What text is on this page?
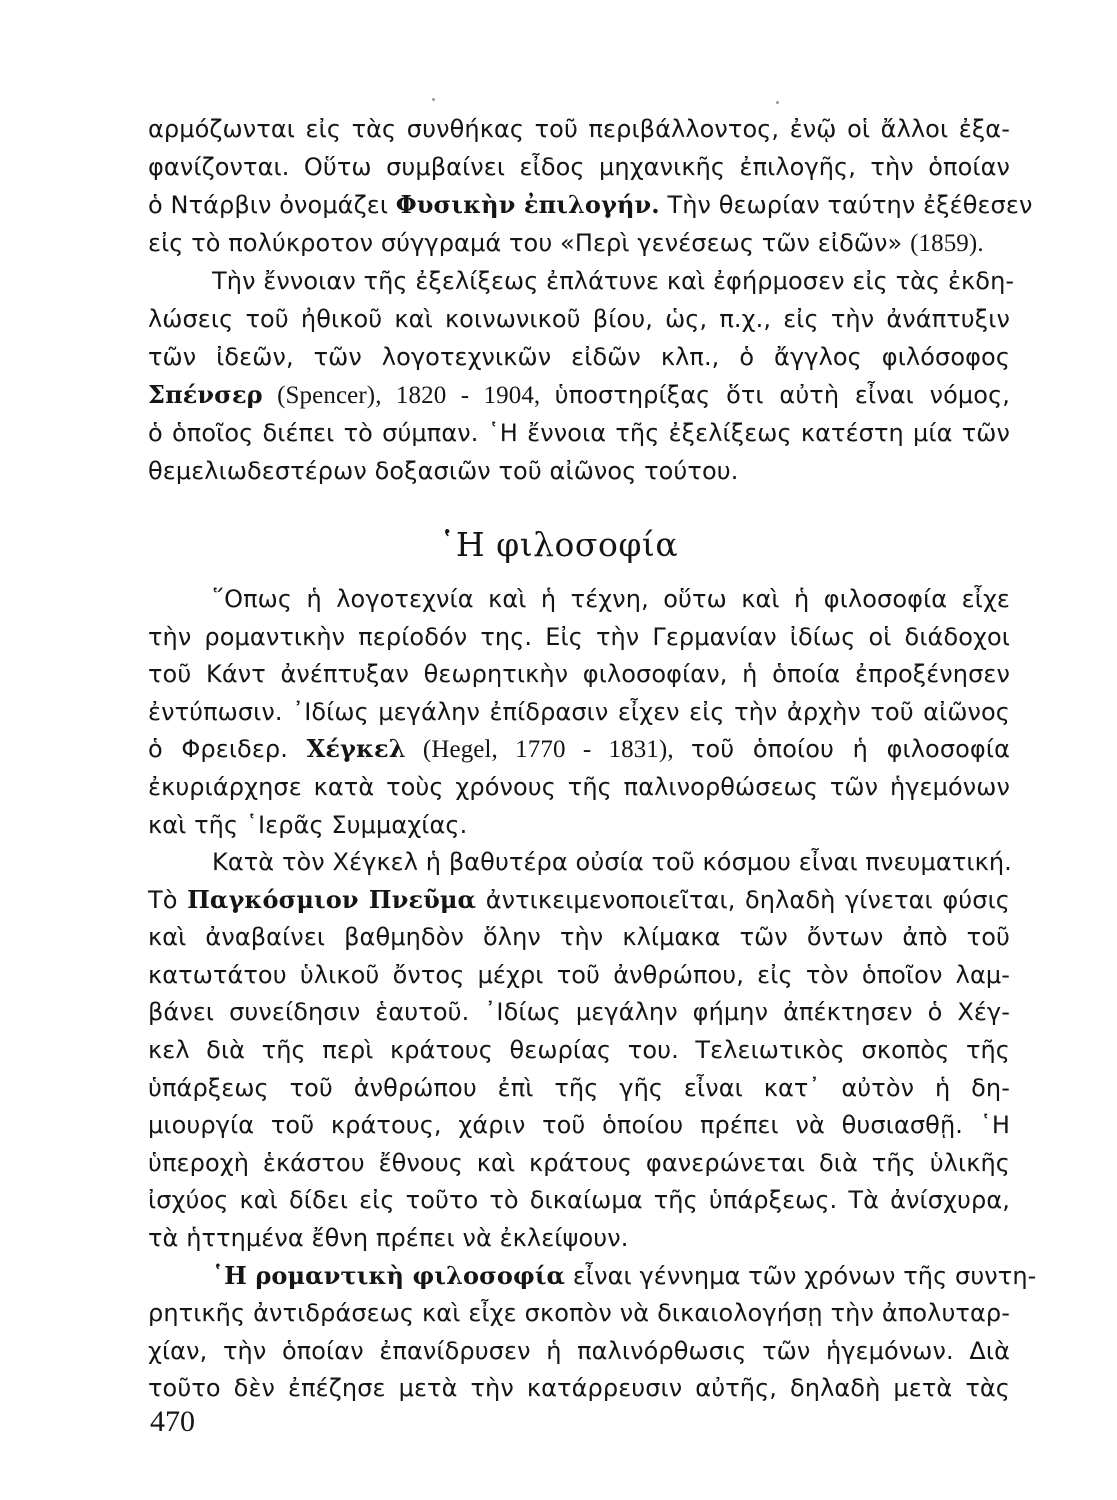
αρμόζωνται εἰς τὰς συνθήκας τοῦ περιβάλλοντος, ἐνῷ οἱ ἄλλοι ἐξα-
φανίζονται. Οὕτω συμβαίνει εἶδος μηχανικῆς ἐπιλογῆς, τὴν ὁποίαν
ὁ Ντάρβιν ὀνομάζει Φυσικὴν ἐπιλογήν. Τὴν θεωρίαν ταύτην ἐξέθεσεν
εἰς τὸ πολύκροτον σύγγραμά του «Περὶ γενέσεως τῶν εἰδῶν» (1859).
Τὴν ἔννοιαν τῆς ἐξελίξεως ἐπλάτυνε καὶ ἐφήρμοσεν εἰς τὰς ἐκδη-
λώσεις τοῦ ἠθικοῦ καὶ κοινωνικοῦ βίου, ὡς, π.χ., εἰς τὴν ἀνάπτυξιν
τῶν ἰδεῶν, τῶν λογοτεχνικῶν εἰδῶν κλπ., ὁ ἄγγλος φιλόσοφος
Σπένσερ (Spencer), 1820 - 1904, ὑποστηρίξας ὅτι αὐτὴ εἶναι νόμος,
ὁ ὁποῖος διέπει τὸ σύμπαν. ῾Η ἔννοια τῆς ἐξελίξεως κατέστη μία τῶν
θεμελιωδεστέρων δοξασιῶν τοῦ αἰῶνος τούτου.
῾Η φιλοσοφία
῞Οπως ἡ λογοτεχνία καὶ ἡ τέχνη, οὕτω καὶ ἡ φιλοσοφία εἶχε
τὴν ρομαντικὴν περίοδόν της. Εἰς τὴν Γερμανίαν ἰδίως οἱ διάδοχοι
τοῦ Κάντ ἀνέπτυξαν θεωρητικὴν φιλοσοφίαν, ἡ ὁποία ἐπροξένησεν
ἐντύπωσιν. ᾿Ιδίως μεγάλην ἐπίδρασιν εἶχεν εἰς τὴν ἀρχὴν τοῦ αἰῶνος
ὁ Φρειδερ. Χέγκελ (Hegel, 1770 - 1831), τοῦ ὁποίου ἡ φιλοσοφία
ἐκυριάρχησε κατὰ τοὺς χρόνους τῆς παλινορθώσεως τῶν ἡγεμόνων
καὶ τῆς ῾Ιερᾶς Συμμαχίας.
Κατὰ τὸν Χέγκελ ἡ βαθυτέρα οὐσία τοῦ κόσμου εἶναι πνευματική.
Τὸ Παγκόσμιον Πνεῦμα ἀντικειμενοποιεῖται, δηλαδὴ γίνεται φύσις
καὶ ἀναβαίνει βαθμηδὸν ὅλην τὴν κλίμακα τῶν ὄντων ἀπὸ τοῦ
κατωτάτου ὑλικοῦ ὄντος μέχρι τοῦ ἀνθρώπου, εἰς τὸν ὁποῖον λαμ-
βάνει συνείδησιν ἑαυτοῦ. ᾿Ιδίως μεγάλην φήμην ἀπέκτησεν ὁ Χέγ-
κελ διὰ τῆς περὶ κράτους θεωρίας του. Τελειωτικὸς σκοπὸς τῆς
ὑπάρξεως τοῦ ἀνθρώπου ἐπὶ τῆς γῆς εἶναι κατ᾿ αὐτὸν ἡ δη-
μιουργία τοῦ κράτους, χάριν τοῦ ὁποίου πρέπει νὰ θυσιασθῇ. ῾Η
ὑπεροχὴ ἑκάστου ἔθνους καὶ κράτους φανερώνεται διὰ τῆς ὑλικῆς
ἰσχύος καὶ δίδει εἰς τοῦτο τὸ δικαίωμα τῆς ὑπάρξεως. Τὰ ἀνίσχυρα,
τὰ ἡττημένα ἔθνη πρέπει νὰ ἐκλείψουν.
῾Η ρομαντικὴ φιλοσοφία εἶναι γέννημα τῶν χρόνων τῆς συντη-
ρητικῆς ἀντιδράσεως καὶ εἶχε σκοπὸν νὰ δικαιολογήσῃ τὴν ἀπολυταρ-
χίαν, τὴν ὁποίαν ἐπανίδρυσεν ἡ παλινόρθωσις τῶν ἡγεμόνων. Διὰ
τοῦτο δὲν ἐπέζησε μετὰ τὴν κατάρρευσιν αὐτῆς, δηλαδὴ μετὰ τὰς
470
